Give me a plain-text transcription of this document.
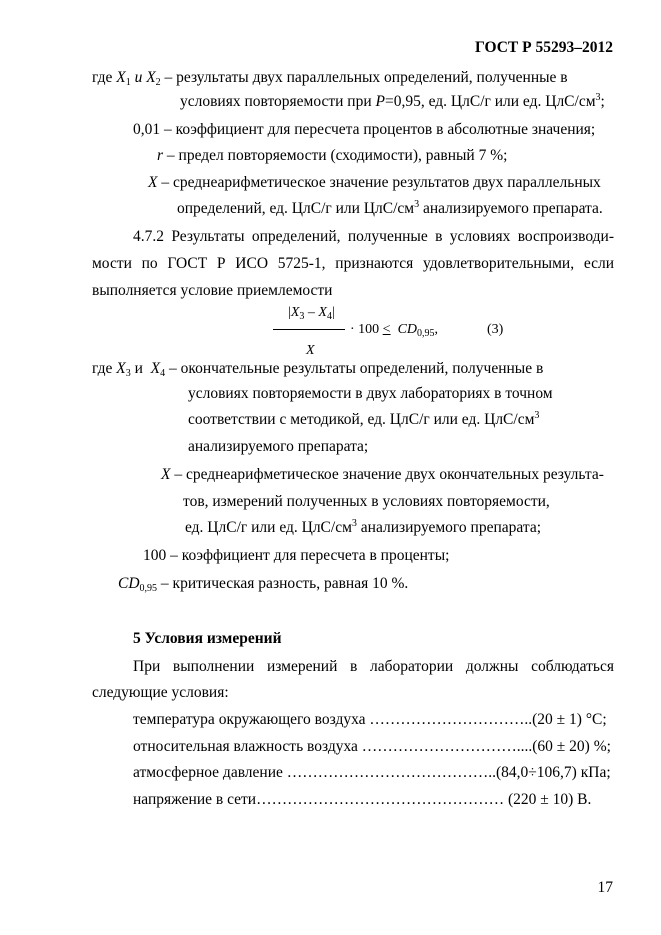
ГОСТ Р 55293–2012
где $X_1$ и $X_2$ – результаты двух параллельных определений, полученные в
условиях повторяемости при P=0,95, ед. ЦлС/г или ед. ЦлС/$см^3$;
0,01 – коэффициент для пересчета процентов в абсолютные значения;
r – предел повторяемости (сходимости), равный 7 %;
X – среднеарифметическое значение результатов двух параллельных
определений, ед. ЦлС/г или ЦлС/$см^3$ анализируемого препарата.
4.7.2 Результаты определений, полученные в условиях воспроизводи-
мости по ГОСТ Р ИСО 5725-1, признаются удовлетворительными, если
выполняется условие приемлемости
$|X_3 - X_4|$
· $100 < CD_{0,95}$,	(3)
X
где $X_3$ и  $X_4$ – окончательные результаты определений, полученные в
условиях повторяемости в двух лабораториях в точном
соответствии с методикой, ед. ЦлС/г или ед. ЦлС/$см^3$
анализируемого препарата;
X – среднеарифметическое значение двух окончательных результа-
тов, измерений полученных в условиях повторяемости,
ед. ЦлС/г или ед. ЦлС/$см^3$ анализируемого препарата;
100 – коэффициент для пересчета в проценты;
$CD_{0,95}$ – критическая разность, равная 10 %.
5 Условия измерений
При выполнении измерений в лаборатории должны соблюдаться
следующие условия:
температура окружающего воздуха …………………………..(20 ± 1) °С;
относительная влажность воздуха …………………………....(60 ± 20) %;
атмосферное давление …………………………………..(84,0÷106,7) кПа;
напряжение в сети………………………………………… (220 ± 10) В.
17
